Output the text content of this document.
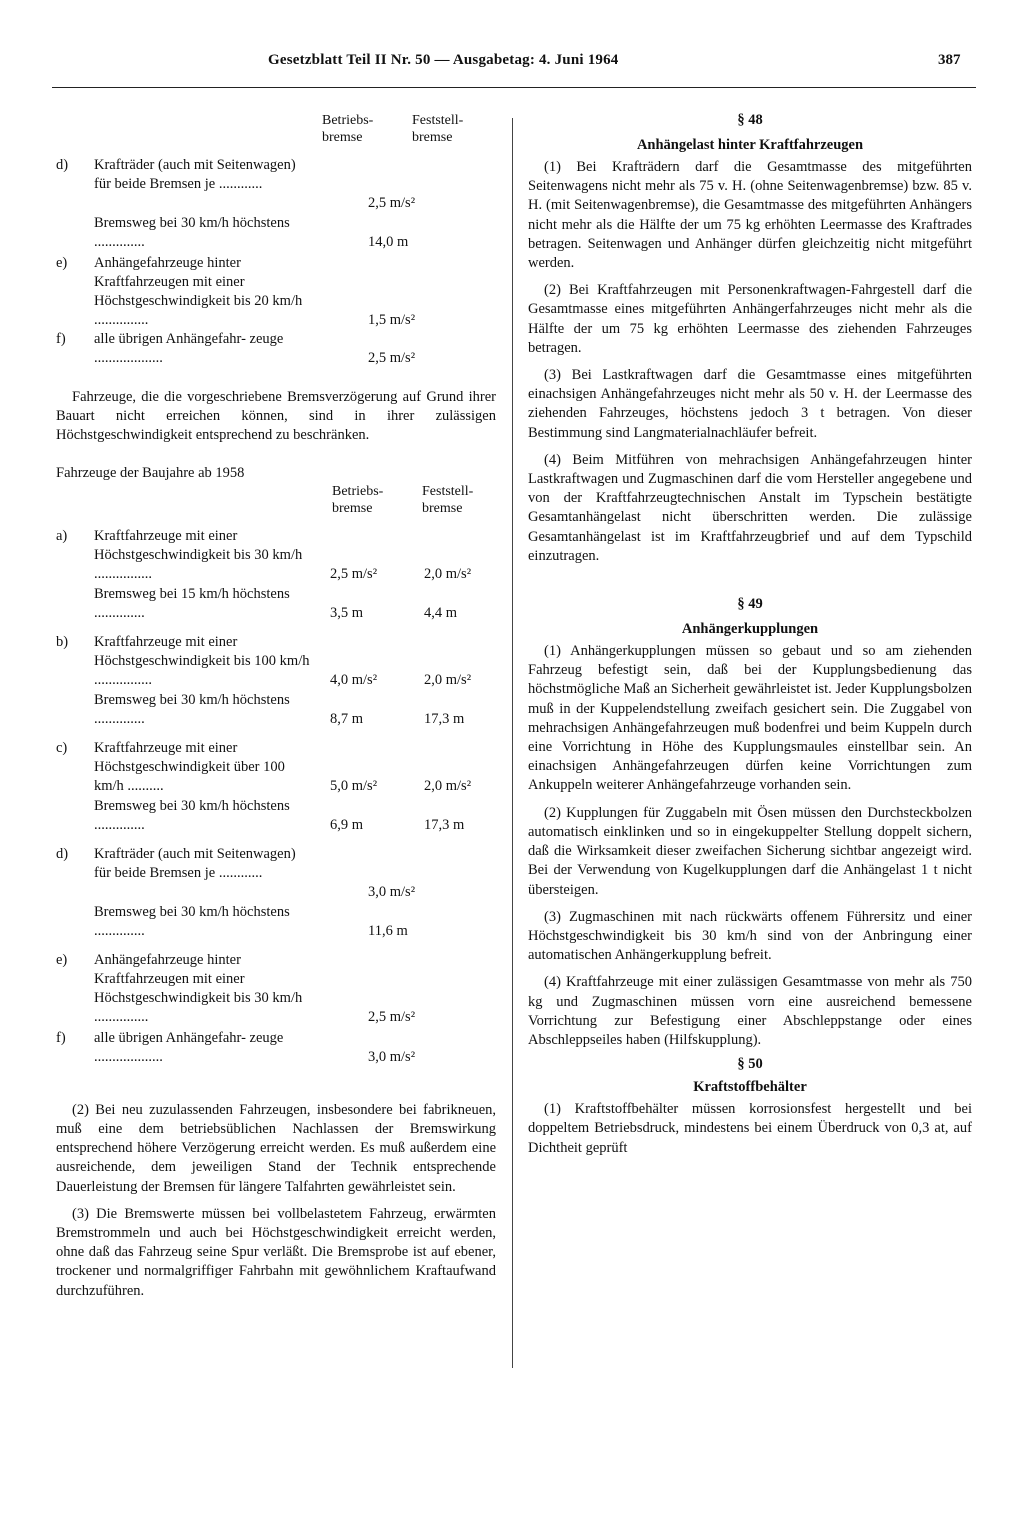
Gesetzblatt Teil II Nr. 50 — Ausgabetag: 4. Juni 1964	387
Betriebs- bremse
Feststell- bremse
d)	Krafträder (auch mit Seitenwagen) für beide Bremsen je ............
2,5 m/s²
Bremsweg bei 30 km/h höchstens ..............	14,0 m
e)	Anhängefahrzeuge hinter Kraftfahrzeugen mit einer Höchstgeschwindigkeit bis 20 km/h ...............	1,5 m/s²
f)	alle übrigen Anhängefahr- zeuge ...................	2,5 m/s²

Fahrzeuge, die die vorgeschriebene Bremsverzögerung auf Grund ihrer Bauart nicht erreichen können, sind in ihrer zulässigen Höchstgeschwindigkeit entsprechend zu beschränken.

Fahrzeuge der Baujahre ab 1958

Betriebs- bremse
Feststell- bremse
a)	Kraftfahrzeuge mit einer Höchstgeschwindigkeit bis 30 km/h ................	2,5 m/s²	2,0 m/s²
Bremsweg bei 15 km/h höchstens ..............	3,5 m	4,4 m
b)	Kraftfahrzeuge mit einer Höchstgeschwindigkeit bis 100 km/h ................	4,0 m/s²	2,0 m/s²
Bremsweg bei 30 km/h höchstens ..............	8,7 m	17,3 m
c)	Kraftfahrzeuge mit einer Höchstgeschwindigkeit über 100 km/h ..........	5,0 m/s²	2,0 m/s²
Bremsweg bei 30 km/h höchstens ..............	6,9 m	17,3 m
d)	Krafträder (auch mit Seitenwagen) für beide Bremsen je ............
3,0 m/s²
Bremsweg bei 30 km/h höchstens ..............	11,6 m
e)	Anhängefahrzeuge hinter Kraftfahrzeugen mit einer Höchstgeschwindigkeit bis 30 km/h ...............	2,5 m/s²
f)	alle übrigen Anhängefahr- zeuge ...................	3,0 m/s²

(2) Bei neu zuzulassenden Fahrzeugen, insbesondere bei fabrikneuen, muß eine dem betriebsüblichen Nachlassen der Bremswirkung entsprechend höhere Verzögerung erreicht werden. Es muß außerdem eine ausreichende, dem jeweiligen Stand der Technik entsprechende Dauerleistung der Bremsen für längere Talfahrten gewährleistet sein.

(3) Die Bremswerte müssen bei vollbelastetem Fahrzeug, erwärmten Bremstrommeln und auch bei Höchstgeschwindigkeit erreicht werden, ohne daß das Fahrzeug seine Spur verläßt. Die Bremsprobe ist auf ebener, trockener und normalgriffiger Fahrbahn mit gewöhnlichem Kraftaufwand durchzuführen.

§ 48

Anhängelast hinter Kraftfahrzeugen

(1) Bei Krafträdern darf die Gesamtmasse des mitgeführten Seitenwagens nicht mehr als 75 v. H. (ohne Seitenwagenbremse) bzw. 85 v. H. (mit Seitenwagenbremse), die Gesamtmasse des mitgeführten Anhängers nicht mehr als die Hälfte der um 75 kg erhöhten Leermasse des Kraftrades betragen. Seitenwagen und Anhänger dürfen gleichzeitig nicht mitgeführt werden.

(2) Bei Kraftfahrzeugen mit Personenkraftwagen-Fahrgestell darf die Gesamtmasse eines mitgeführten Anhängerfahrzeuges nicht mehr als die Hälfte der um 75 kg erhöhten Leermasse des ziehenden Fahrzeuges betragen.

(3) Bei Lastkraftwagen darf die Gesamtmasse eines mitgeführten einachsigen Anhängefahrzeuges nicht mehr als 50 v. H. der Leermasse des ziehenden Fahrzeuges, höchstens jedoch 3 t betragen. Von dieser Bestimmung sind Langmaterialnachläufer befreit.

(4) Beim Mitführen von mehrachsigen Anhängefahrzeugen hinter Lastkraftwagen und Zugmaschinen darf die vom Hersteller angegebene und von der Kraftfahrzeugtechnischen Anstalt im Typschein bestätigte Gesamtanhängelast nicht überschritten werden. Die zulässige Gesamtanhängelast ist im Kraftfahrzeugbrief und auf dem Typschild einzutragen.

§ 49

Anhängerkupplungen

(1) Anhängerkupplungen müssen so gebaut und so am ziehenden Fahrzeug befestigt sein, daß bei der Kupplungsbedienung das höchstmögliche Maß an Sicherheit gewährleistet ist. Jeder Kupplungsbolzen muß in der Kuppelendstellung zweifach gesichert sein. Die Zuggabel von mehrachsigen Anhängefahrzeugen muß bodenfrei und beim Kuppeln durch eine Vorrichtung in Höhe des Kupplungsmaules einstellbar sein. An einachsigen Anhängefahrzeugen dürfen keine Vorrichtungen zum Ankuppeln weiterer Anhängefahrzeuge vorhanden sein.

(2) Kupplungen für Zuggabeln mit Ösen müssen den Durchsteckbolzen automatisch einklinken und so in eingekuppelter Stellung doppelt sichern, daß die Wirksamkeit dieser zweifachen Sicherung sichtbar angezeigt wird. Bei der Verwendung von Kugelkupplungen darf die Anhängelast 1 t nicht übersteigen.

(3) Zugmaschinen mit nach rückwärts offenem Führersitz und einer Höchstgeschwindigkeit bis 30 km/h sind von der Anbringung einer automatischen Anhängerkupplung befreit.

(4) Kraftfahrzeuge mit einer zulässigen Gesamtmasse von mehr als 750 kg und Zugmaschinen müssen vorn eine ausreichend bemessene Vorrichtung zur Befestigung einer Abschleppstange oder eines Abschleppseiles haben (Hilfskupplung).

§ 50

Kraftstoffbehälter

(1) Kraftstoffbehälter müssen korrosionsfest hergestellt und bei doppeltem Betriebsdruck, mindestens bei einem Überdruck von 0,3 at, auf Dichtheit geprüft
